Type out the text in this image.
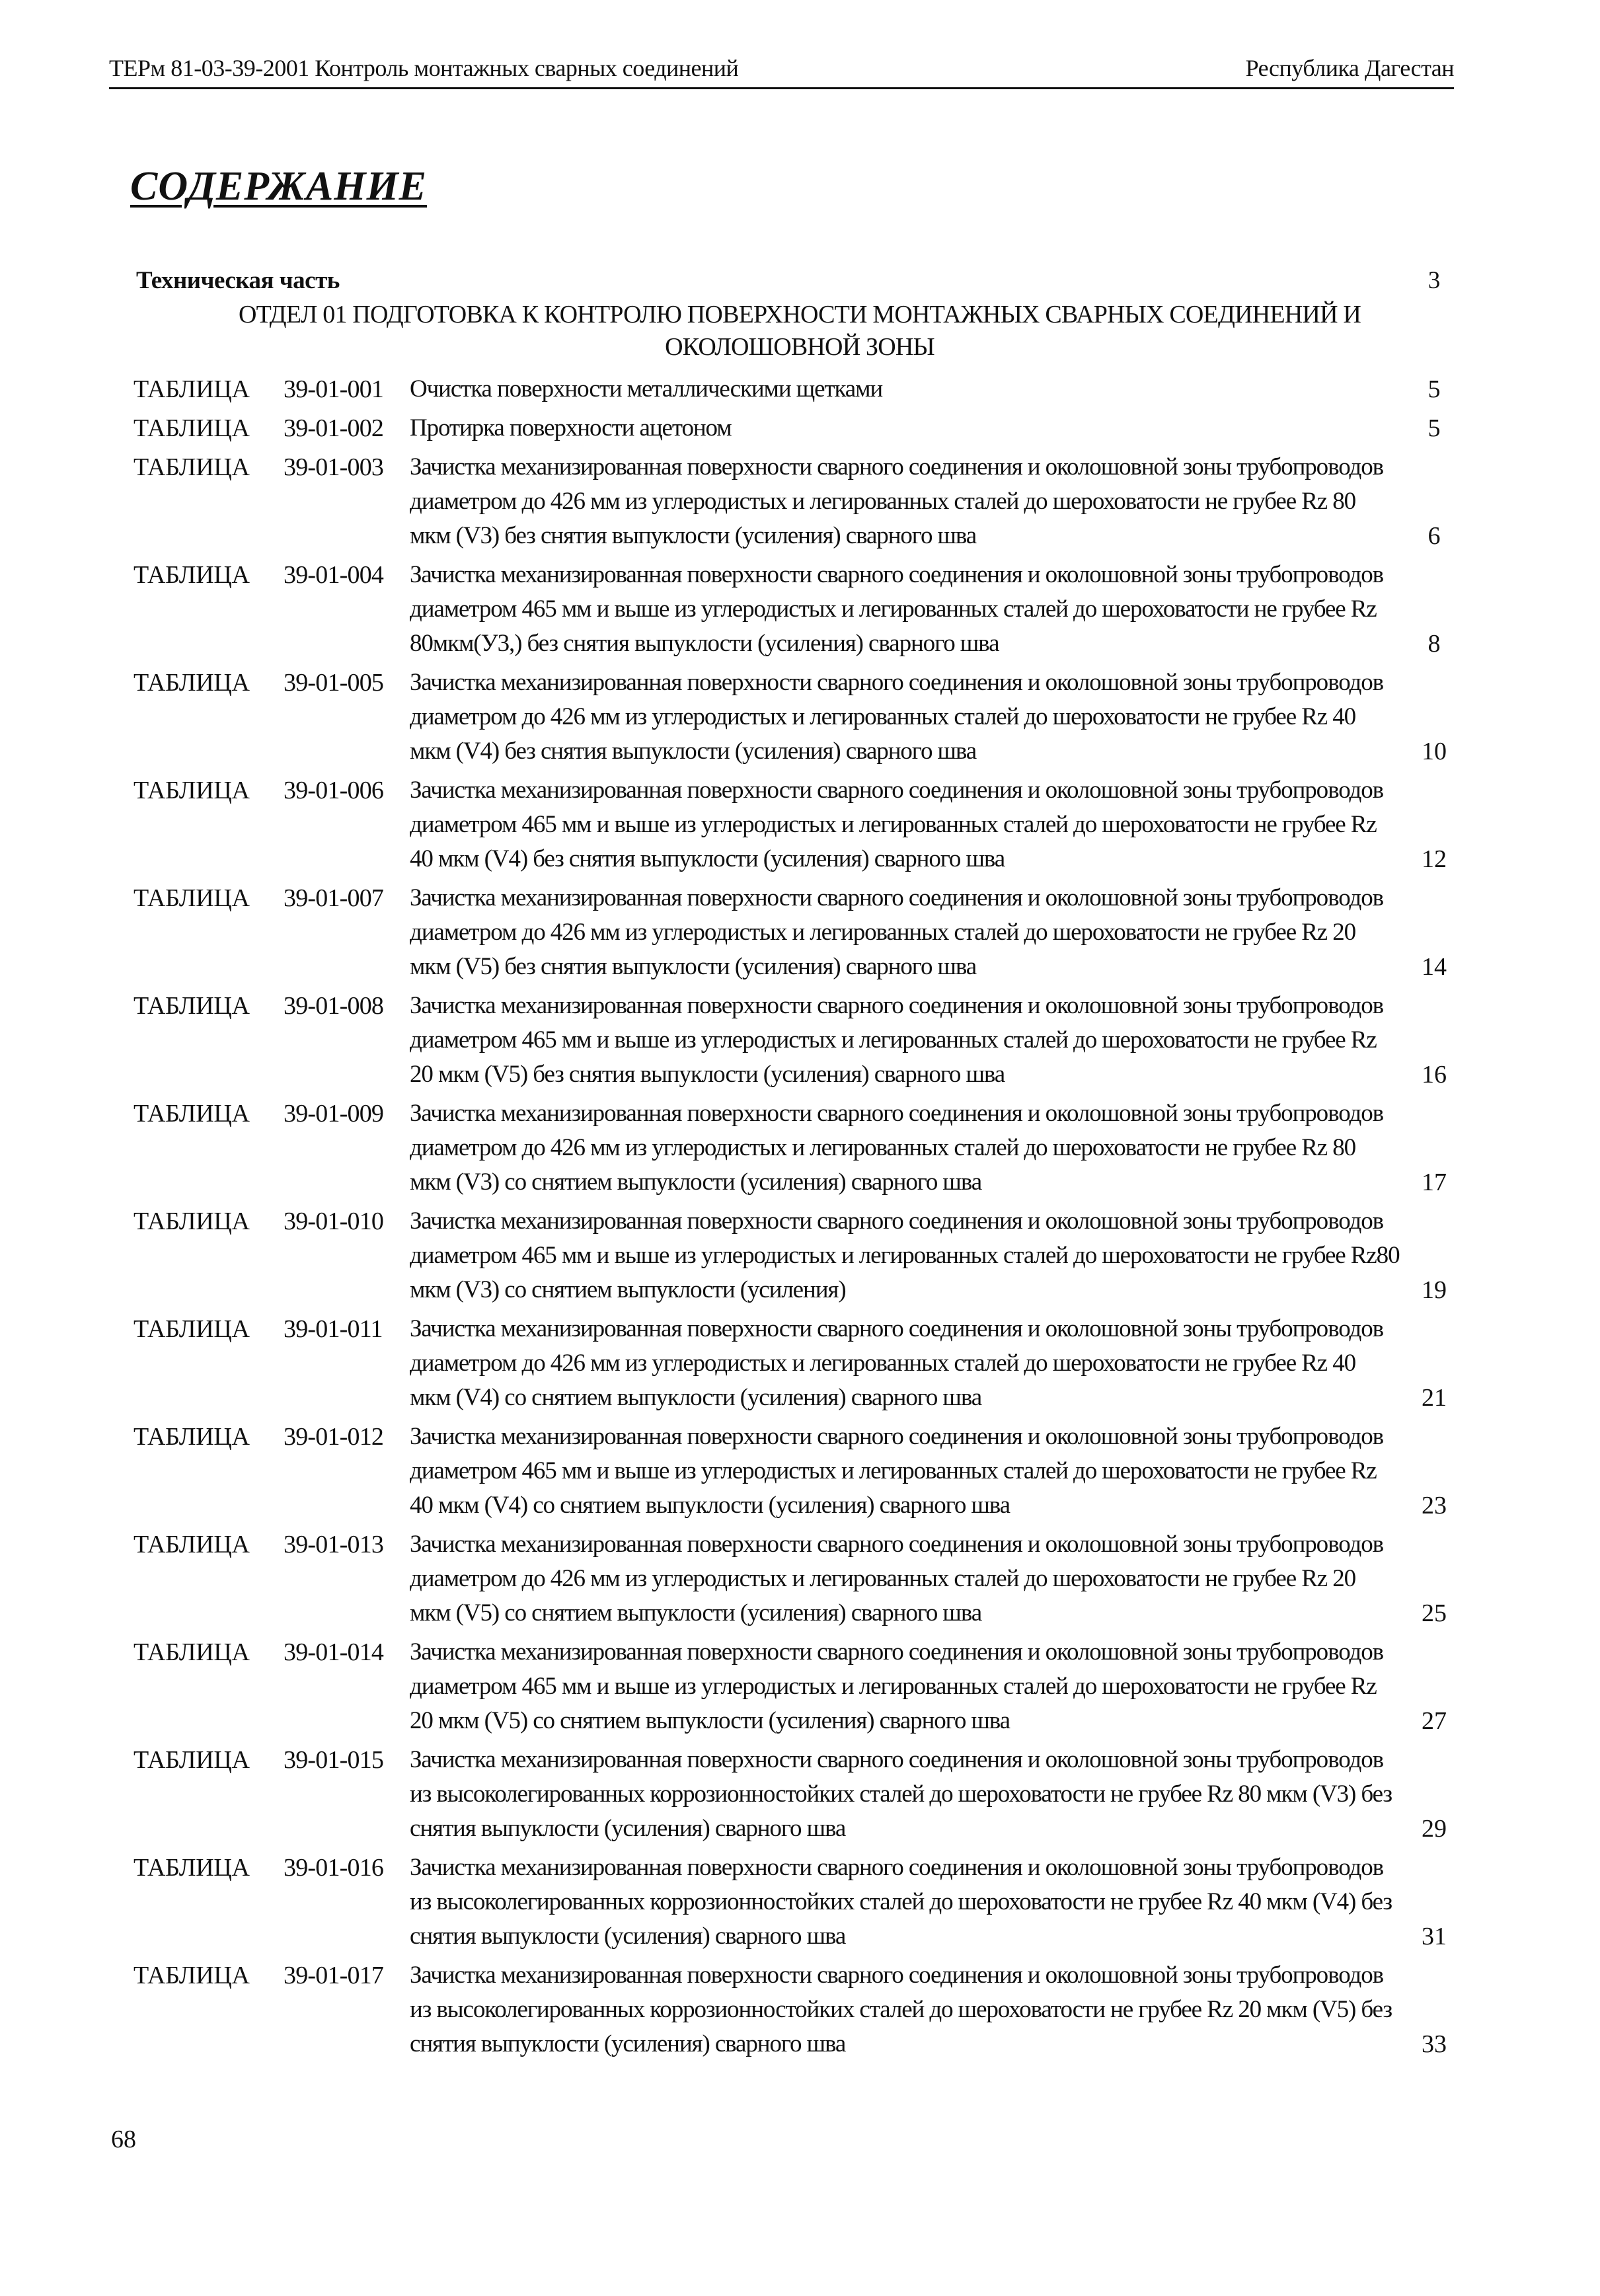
ТЕРм 81-03-39-2001 Контроль монтажных сварных соединений	Республика Дагестан
СОДЕРЖАНИЕ
Техническая часть	3
ОТДЕЛ 01 ПОДГОТОВКА К КОНТРОЛЮ ПОВЕРХНОСТИ МОНТАЖНЫХ СВАРНЫХ СОЕДИНЕНИЙ И ОКОЛОШОВНОЙ ЗОНЫ
ТАБЛИЦА 39-01-001 Очистка поверхности металлическими щетками	5
ТАБЛИЦА 39-01-002 Протирка поверхности ацетоном	5
ТАБЛИЦА 39-01-003 Зачистка механизированная поверхности сварного соединения и околошовной зоны трубопроводов диаметром до 426 мм из углеродистых и легированных сталей до шероховатости не грубее Rz 80 мкм (V3) без снятия выпуклости (усиления) сварного шва	6
ТАБЛИЦА 39-01-004 Зачистка механизированная поверхности сварного соединения и околошовной зоны трубопроводов диаметром 465 мм и выше из углеродистых и легированных сталей до шероховатости не грубее Rz 80мкм(У3,) без снятия выпуклости (усиления) сварного шва	8
ТАБЛИЦА 39-01-005 Зачистка механизированная поверхности сварного соединения и околошовной зоны трубопроводов диаметром до 426 мм из углеродистых и легированных сталей до шероховатости не грубее Rz 40 мкм (V4) без снятия выпуклости (усиления) сварного шва	10
ТАБЛИЦА 39-01-006 Зачистка механизированная поверхности сварного соединения и околошовной зоны трубопроводов диаметром 465 мм и выше из углеродистых и легированных сталей до шероховатости не грубее Rz 40 мкм (V4) без снятия выпуклости (усиления) сварного шва	12
ТАБЛИЦА 39-01-007 Зачистка механизированная поверхности сварного соединения и околошовной зоны трубопроводов диаметром до 426 мм из углеродистых и легированных сталей до шероховатости не грубее Rz 20 мкм (V5) без снятия выпуклости (усиления) сварного шва	14
ТАБЛИЦА 39-01-008 Зачистка механизированная поверхности сварного соединения и околошовной зоны трубопроводов диаметром 465 мм и выше из углеродистых и легированных сталей до шероховатости не грубее Rz 20 мкм (V5) без снятия выпуклости (усиления) сварного шва	16
ТАБЛИЦА 39-01-009 Зачистка механизированная поверхности сварного соединения и околошовной зоны трубопроводов диаметром до 426 мм из углеродистых и легированных сталей до шероховатости не грубее Rz 80 мкм (V3) со снятием выпуклости (усиления) сварного шва	17
ТАБЛИЦА 39-01-010 Зачистка механизированная поверхности сварного соединения и околошовной зоны трубопроводов диаметром 465 мм и выше из углеродистых и легированных сталей до шероховатости не грубее Rz80 мкм (V3) со снятием выпуклости (усиления)	19
ТАБЛИЦА 39-01-011 Зачистка механизированная поверхности сварного соединения и околошовной зоны трубопроводов диаметром до 426 мм из углеродистых и легированных сталей до шероховатости не грубее Rz 40 мкм (V4) со снятием выпуклости (усиления) сварного шва	21
ТАБЛИЦА 39-01-012 Зачистка механизированная поверхности сварного соединения и околошовной зоны трубопроводов диаметром 465 мм и выше из углеродистых и легированных сталей до шероховатости не грубее Rz 40 мкм (V4) со снятием выпуклости (усиления) сварного шва	23
ТАБЛИЦА 39-01-013 Зачистка механизированная поверхности сварного соединения и околошовной зоны трубопроводов диаметром до 426 мм из углеродистых и легированных сталей до шероховатости не грубее Rz 20 мкм (V5) со снятием выпуклости (усиления) сварного шва	25
ТАБЛИЦА 39-01-014 Зачистка механизированная поверхности сварного соединения и околошовной зоны трубопроводов диаметром 465 мм и выше из углеродистых и легированных сталей до шероховатости не грубее Rz 20 мкм (V5) со снятием выпуклости (усиления) сварного шва	27
ТАБЛИЦА 39-01-015 Зачистка механизированная поверхности сварного соединения и околошовной зоны трубопроводов из высоколегированных коррозионностойких сталей до шероховатости не грубее Rz 80 мкм (V3) без снятия выпуклости (усиления) сварного шва	29
ТАБЛИЦА 39-01-016 Зачистка механизированная поверхности сварного соединения и околошовной зоны трубопроводов из высоколегированных коррозионностойких сталей до шероховатости не грубее Rz 40 мкм (V4) без снятия выпуклости (усиления) сварного шва	31
ТАБЛИЦА 39-01-017 Зачистка механизированная поверхности сварного соединения и околошовной зоны трубопроводов из высоколегированных коррозионностойких сталей до шероховатости не грубее Rz 20 мкм (V5) без снятия выпуклости (усиления) сварного шва	33
68
